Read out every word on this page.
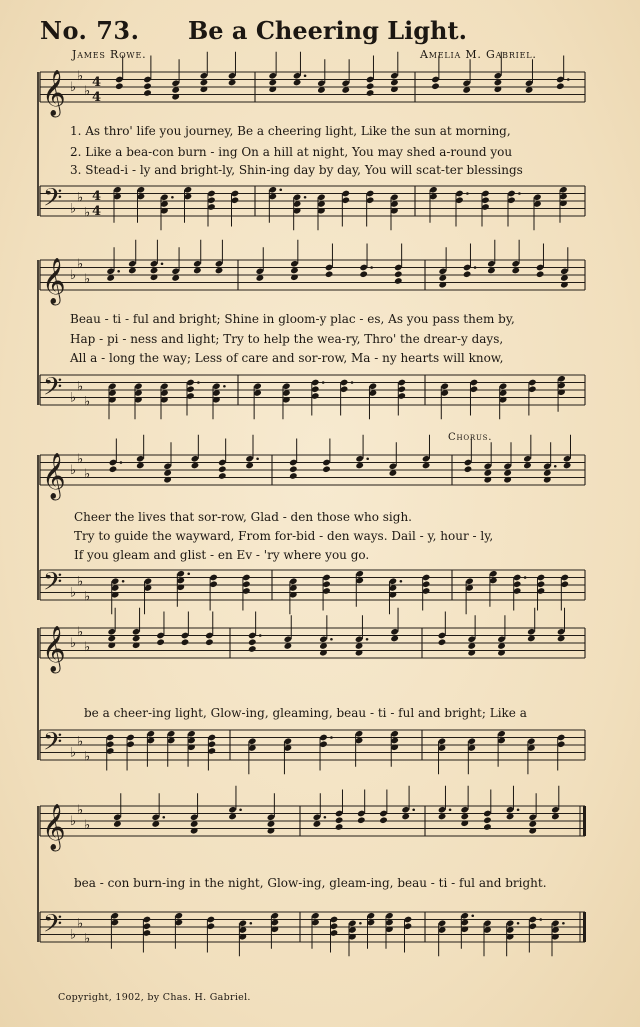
𝄞 ♭
♭
♭
4
4
𝄢 ♭
♭
♭
4
4
𝄞 ♭
♭
♭
𝄢 ♭
♭
♭
𝄞 ♭
♭
♭
𝄢 ♭
♭
♭
𝄞 ♭
♭
♭
𝄢 ♭
♭
♭
𝄞 ♭
♭
♭
𝄢 ♭
♭
♭
No. 73. Be a Cheering Light.
James Rowe.	Amelia M. Gabriel.
1. As thro' life you journey, Be a cheering light, Like the sun at morning,
2. Like a bea-con burn - ing On a hill at night, You may shed a-round you
3. Stead-i - ly and bright-ly, Shin-ing day by day, You will scat-ter blessings
Beau - ti - ful and bright; Shine in gloom-y plac - es, As you pass them by,
Hap - pi - ness and light; Try to help the wea-ry, Thro' the drear-y days,
All a - long the way; Less of care and sor-row, Ma - ny hearts will know,
Chorus.
Cheer the lives that sor-row, Glad - den those who sigh.
Try to guide the wayward, From for-bid - den ways. Dail - y, hour - ly,
If you gleam and glist - en Ev - 'ry where you go.
be a cheer-ing light, Glow-ing, gleaming, beau - ti - ful and bright; Like a
bea - con burn-ing in the night, Glow-ing, gleam-ing, beau - ti - ful and bright.
Copyright, 1902, by Chas. H. Gabriel.
